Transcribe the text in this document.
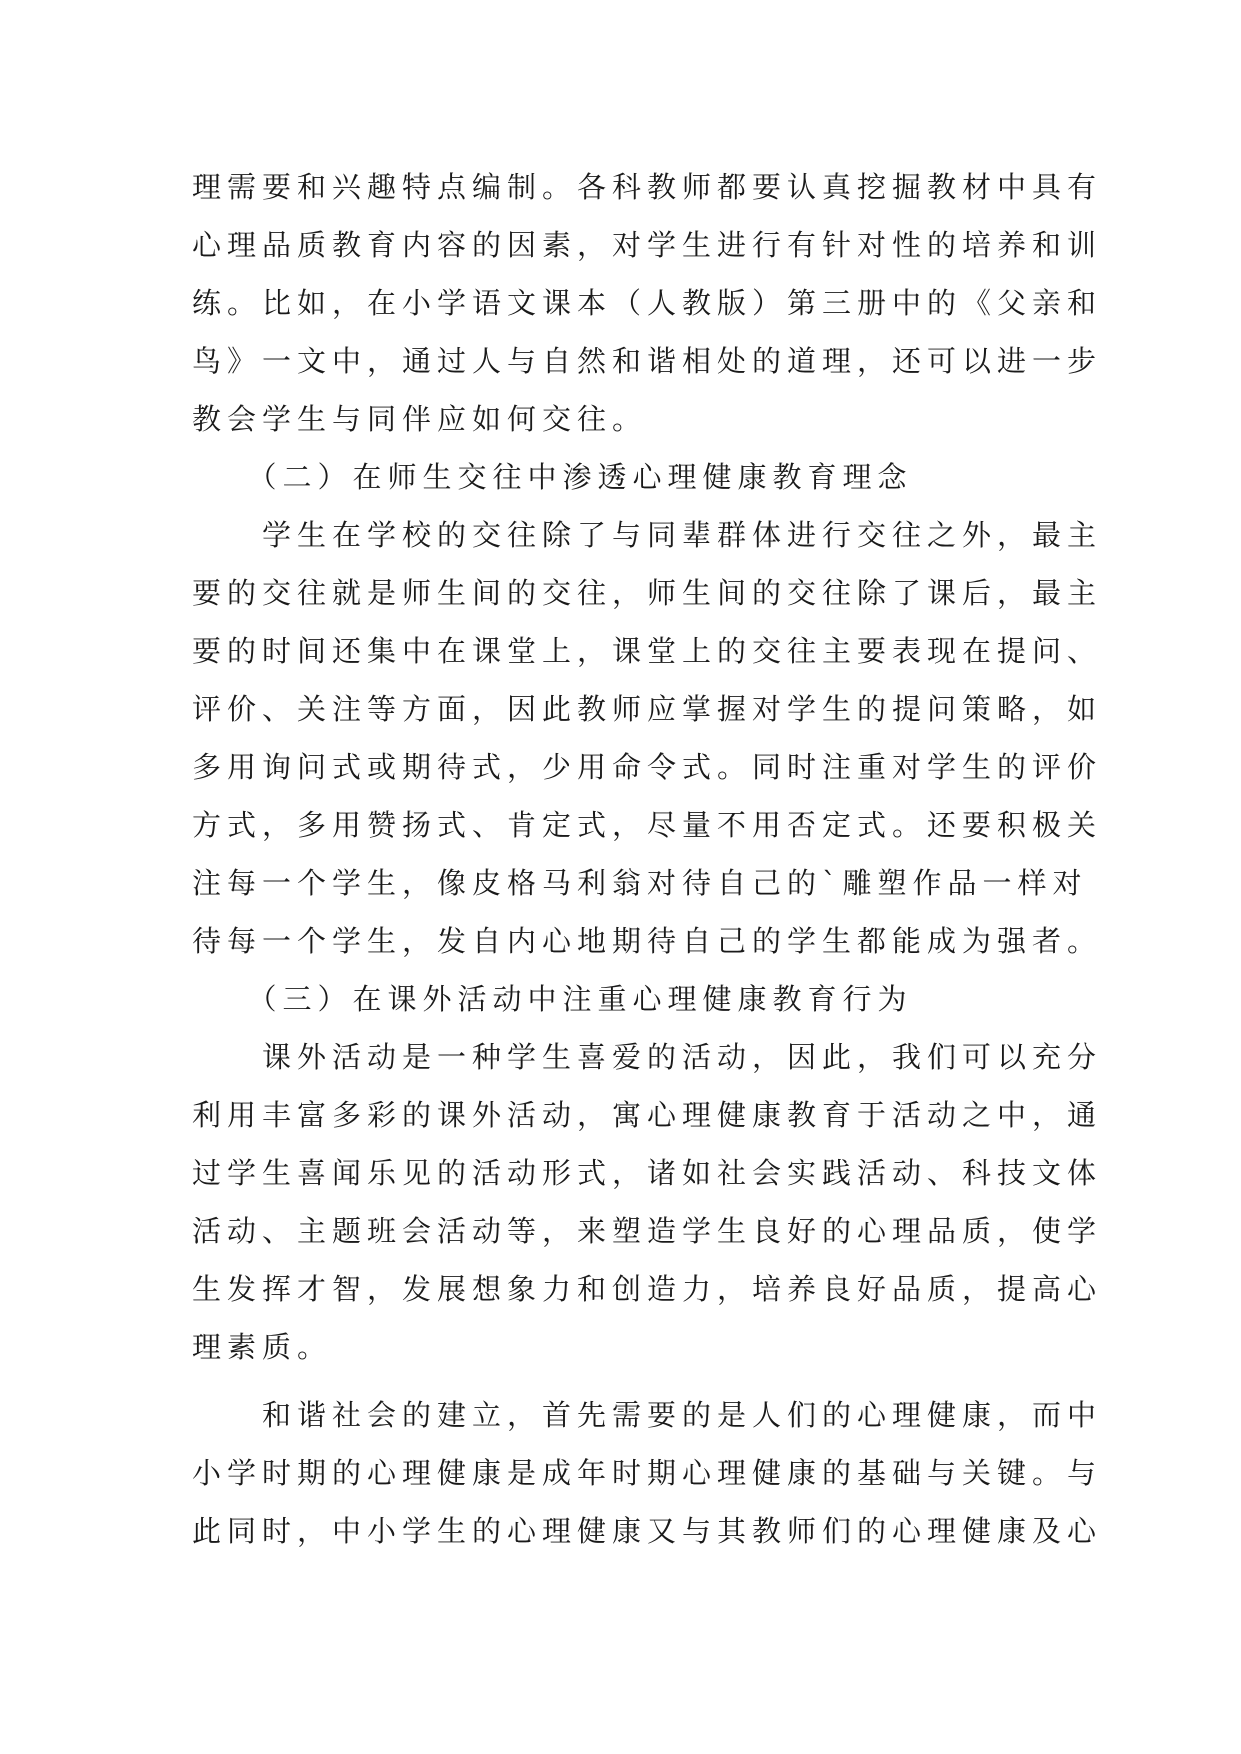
理需要和兴趣特点编制。各科教师都要认真挖掘教材中具有
心理品质教育内容的因素，对学生进行有针对性的培养和训
练。比如，在小学语文课本（人教版）第三册中的《父亲和
鸟》一文中，通过人与自然和谐相处的道理，还可以进一步
教会学生与同伴应如何交往。
　　（二）在师生交往中渗透心理健康教育理念
　　学生在学校的交往除了与同辈群体进行交往之外，最主
要的交往就是师生间的交往，师生间的交往除了课后，最主
要的时间还集中在课堂上，课堂上的交往主要表现在提问、
评价、关注等方面，因此教师应掌握对学生的提问策略，如
多用询问式或期待式，少用命令式。同时注重对学生的评价
方式，多用赞扬式、肯定式，尽量不用否定式。还要积极关
注每一个学生，像皮格马利翁对待自己的`雕塑作品一样对
待每一个学生，发自内心地期待自己的学生都能成为强者。
　　（三）在课外活动中注重心理健康教育行为
　　课外活动是一种学生喜爱的活动，因此，我们可以充分
利用丰富多彩的课外活动，寓心理健康教育于活动之中，通
过学生喜闻乐见的活动形式，诸如社会实践活动、科技文体
活动、主题班会活动等，来塑造学生良好的心理品质，使学
生发挥才智，发展想象力和创造力，培养良好品质，提高心
理素质。
　　和谐社会的建立，首先需要的是人们的心理健康，而中
小学时期的心理健康是成年时期心理健康的基础与关键。与
此同时，中小学生的心理健康又与其教师们的心理健康及心
